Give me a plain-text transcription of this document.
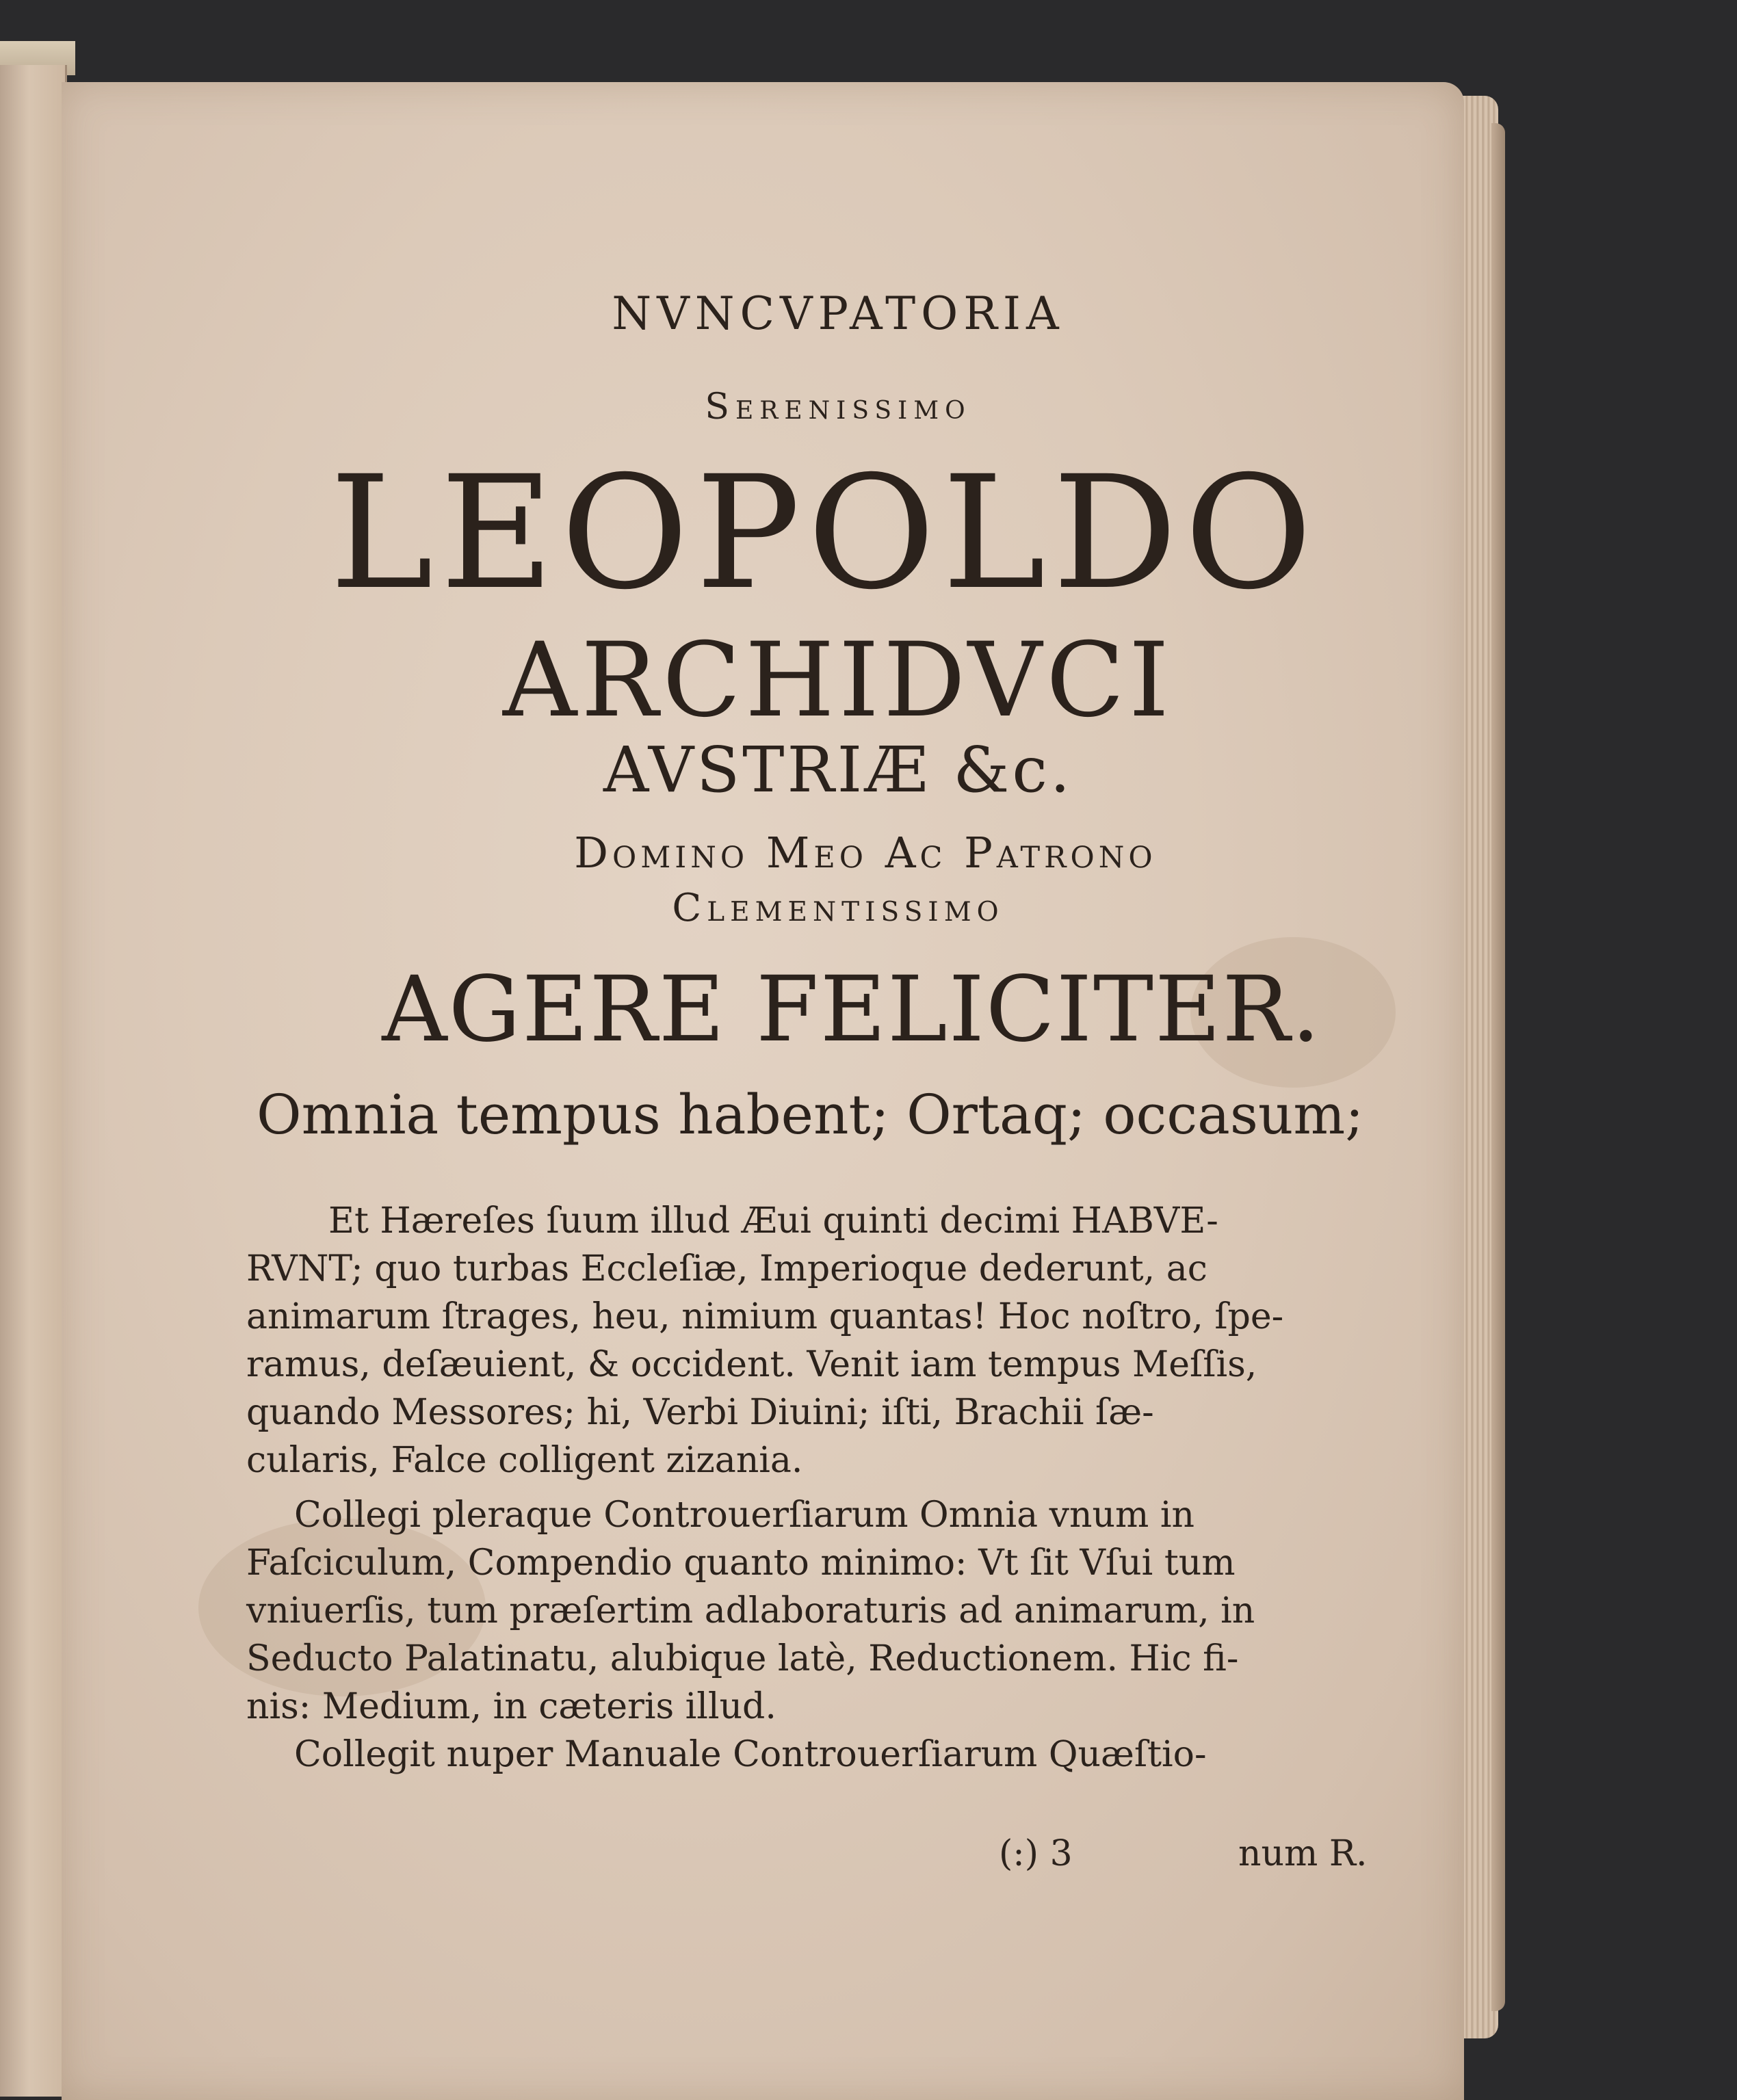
NVNCVPATORIA
Serenissimo
LEOPOLDO
ARCHIDVCI
AVSTRIÆ &c.
Domino Meo Ac Patrono
Clementissimo
AGERE FELICITER.
Omnia tempus habent; Ortaq; occasum;
Et Hæreſes ſuum illud Æui quinti decimi HABVE-
RVNT; quo turbas Eccleſiæ, Imperioque dederunt, ac
animarum ſtrages, heu, nimium quantas! Hoc noſtro, ſpe-
ramus, deſæuient, & occident. Venit iam tempus Meſſis,
quando Messores; hi, Verbi Diuini; iſti, Brachii ſæ-
cularis, Falce colligent zizania.
Collegi pleraque Controuerſiarum Omnia vnum in
Faſciculum, Compendio quanto minimo: Vt ſit Vſui tum
vniuerſis, tum præſertim adlaboraturis ad animarum, in
Seducto Palatinatu, alubique latè, Reductionem. Hic fi-
nis: Medium, in cæteris illud.
Collegit nuper Manuale Controuerſiarum Quæſtio-
(:) 3	num R.
